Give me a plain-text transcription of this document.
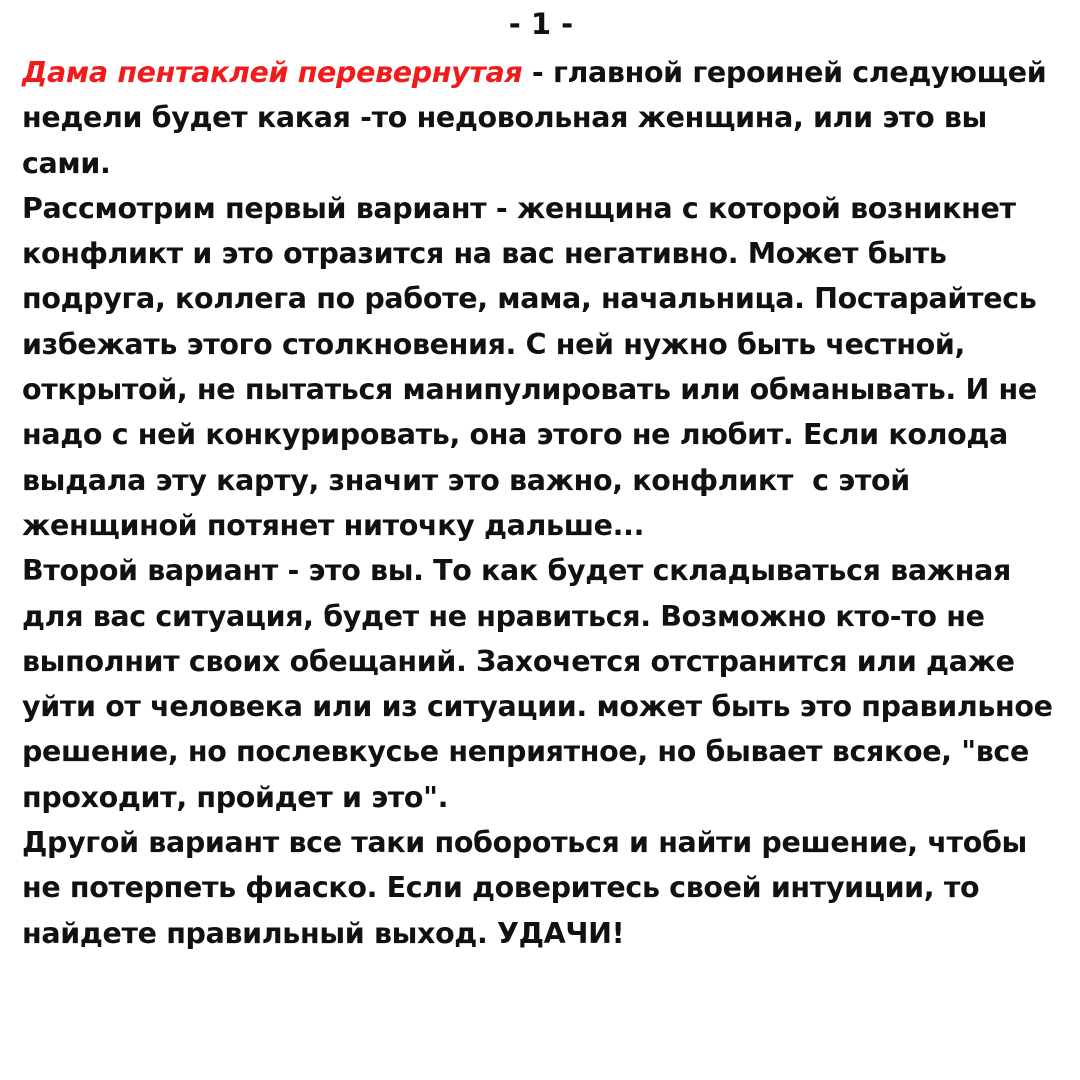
- 1 -
Дама пентаклей перевернутая - главной героиней следующей недели будет какая -то недовольная женщина, или это вы сами.
Рассмотрим первый вариант - женщина с которой возникнет конфликт и это отразится на вас негативно. Может быть подруга, коллега по работе, мама, начальница. Постарайтесь избежать этого столкновения. С ней нужно быть честной, открытой, не пытаться манипулировать или обманывать. И не надо с ней конкурировать, она этого не любит. Если колода выдала эту карту, значит это важно, конфликт  с этой женщиной потянет ниточку дальше...
Второй вариант - это вы. То как будет складываться важная для вас ситуация, будет не нравиться. Возможно кто-то не выполнит своих обещаний. Захочется отстранится или даже уйти от человека или из ситуации. может быть это правильное решение, но послевкусье неприятное, но бывает всякое, "все проходит, пройдет и это".
Другой вариант все таки побороться и найти решение, чтобы не потерпеть фиаско. Если доверитесь своей интуиции, то найдете правильный выход. УДАЧИ!
